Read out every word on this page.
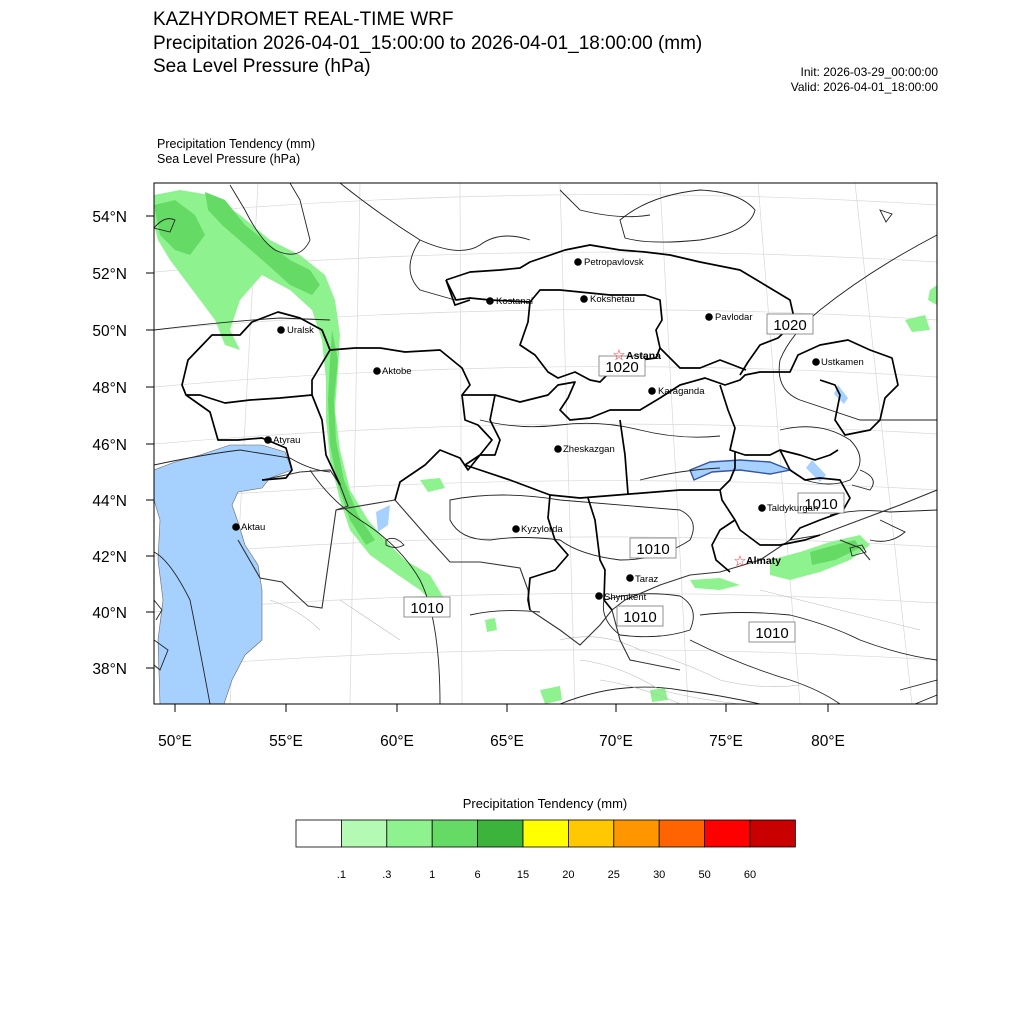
KAZHYDROMET REAL-TIME WRF
Precipitation 2026-04-01_15:00:00 to 2026-04-01_18:00:00 (mm)
Sea Level Pressure (hPa)	Init: 2026-03-29_00:00:00
Valid: 2026-04-01_18:00:00
Precipitation Tendency (mm)
Sea Level Pressure (hPa)
54°N
52°N
50°N
48°N
46°N
44°N
42°N
40°N
38°N
50°E	55°E	60°E	65°E	70°E	75°E	80°E
1020
1020
1010
1010
1010
1010
1010
Petropavlovsk
Kostanai	Kokshetau
Pavlodar
Uralsk
☆ Astana
Aktobe
Ustkamen
Karaganda
Atyrau
Zheskazgan
Taldykurgan
Aktau	Kyzylorda
☆ Almaty
Taraz
Shymkent
.1	.3	1	6	15	20	25	30	50	60
Precipitation Tendency (mm)
